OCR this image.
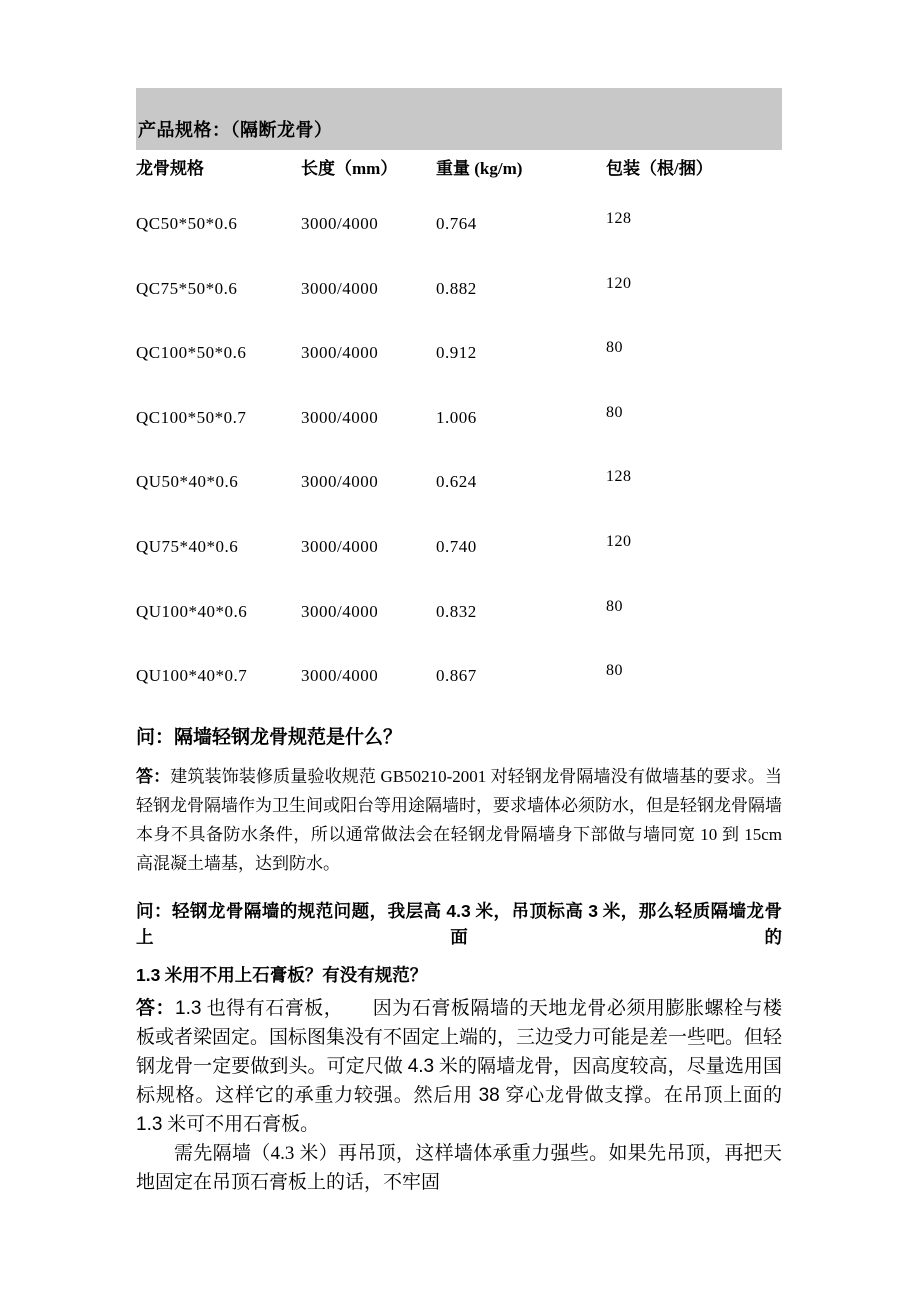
产品规格：（隔断龙骨）
龙骨规格	长度（mm）	重量 (kg/m)	包装（根/捆）
QC50*50*0.6	3000/4000	0.764	128
QC75*50*0.6	3000/4000	0.882	120
QC100*50*0.6	3000/4000	0.912	80
QC100*50*0.7	3000/4000	1.006	80
QU50*40*0.6	3000/4000	0.624	128
QU75*40*0.6	3000/4000	0.740	120
QU100*40*0.6	3000/4000	0.832	80
QU100*40*0.7	3000/4000	0.867	80
问：隔墙轻钢龙骨规范是什么？

答：建筑装饰装修质量验收规范 GB50210-2001 对轻钢龙骨隔墙没有做墙基的要求。当轻钢龙骨隔墙作为卫生间或阳台等用途隔墙时，要求墙体必须防水，但是轻钢龙骨隔墙本身不具备防水条件，所以通常做法会在轻钢龙骨隔墙身下部做与墙同宽 10 到 15cm 高混凝土墙基，达到防水。

问：轻钢龙骨隔墙的规范问题，我层高 4.3 米，吊顶标高 3 米，那么轻质隔墙龙骨上面的
1.3 米用不用上石膏板？有没有规范？

答：1.3 也得有石膏板，　　因为石膏板隔墙的天地龙骨必须用膨胀螺栓与楼板或者梁固定。国标图集没有不固定上端的，三边受力可能是差一些吧。但轻钢龙骨一定要做到头。可定尺做 4.3 米的隔墙龙骨，因高度较高，尽量选用国标规格。这样它的承重力较强。然后用 38 穿心龙骨做支撑。在吊顶上面的 1.3 米可不用石膏板。

需先隔墙（4.3 米）再吊顶，这样墙体承重力强些。如果先吊顶，再把天地固定在吊顶石膏板上的话，不牢固
